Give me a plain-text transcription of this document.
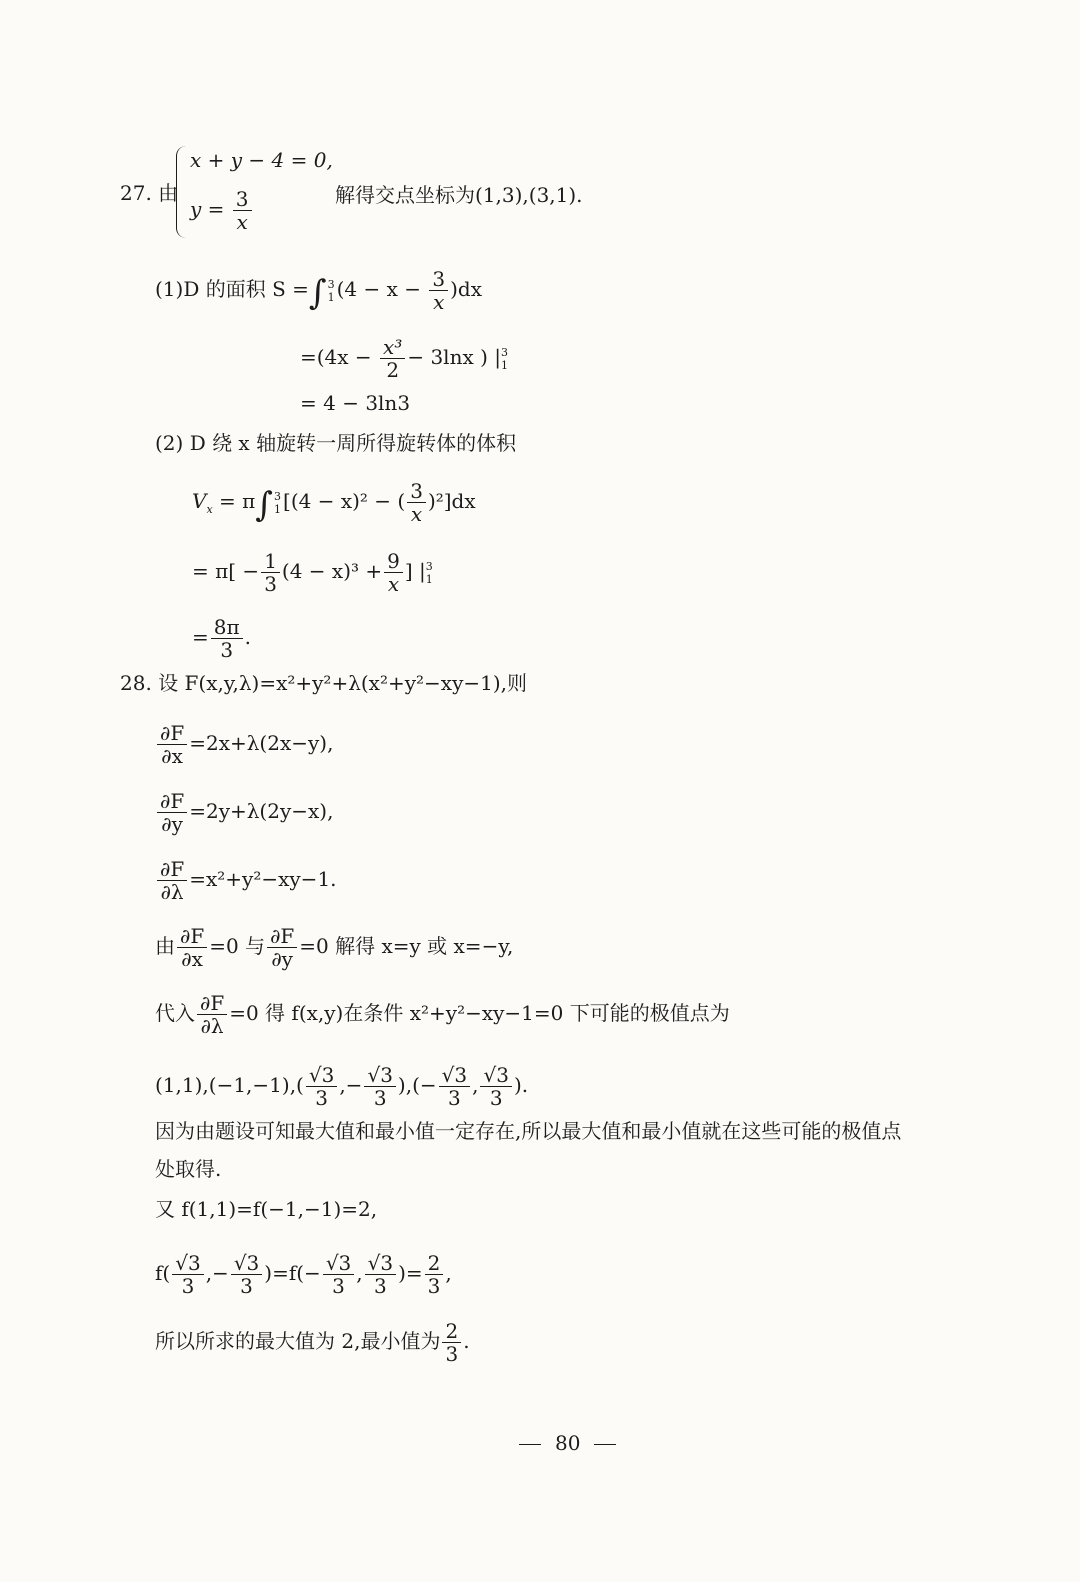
27. 由
x + y − 4 = 0,
$y = \frac{3}{x}$	解得交点坐标为(1,3),(3,1).
(1)D 的面积 S =∫ 3
1 $(4 - x - \frac{3}{x} )dx$
$=(4x - \frac{\text{x³}}{2} - 3\ln x$ ) | 3
1
= 4 − 3ln3
(2) D 绕 x 轴旋转一周所得旋转体的体积
$V_x = \pi\int$ 3
1 [(4 − x)² − ( $\frac{3}{x} )^2]dx$
= $\pi[ - \frac{1}{3} (4 - x)^3 + \frac{9}{x}$ ] | 3
1
= $\frac{8\pi}{3}$ .
28. 设 F(x,y,λ)=x²+y²+λ(x²+y²−xy−1),则
$\frac{\partial F}{\partial x} =2x+\lambda(2x-y)$,
$\frac{\partial F}{\partial y} =2y+\lambda(2y-x)$,
$\frac{\partial F}{\partial\lambda} =x^2+y^2-xy-1$.
由 $\frac{\partial F}{\partial x} =0$ 与 $\frac{\partial F}{\partial y} =0$ 解得 x=y 或 x=−y,
代入 $\frac{\partial F}{\partial\lambda} =0$ 得 f(x,y)在条件 x²+y²−xy−1=0 下可能的极值点为
$(1,1),(-1,-1),( \frac{√3}{3}$ ,− $\frac{√3}{3}$ ),(− $\frac{√3}{3}$ , $\frac{√3}{3}$ ).
因为由题设可知最大值和最小值一定存在,所以最大值和最小值就在这些可能的极值点
处取得.
又 f(1,1)=f(−1,−1)=2,
$f( \frac{√3}{3}$ ,− $\frac{√3}{3} )=f(- \frac{√3}{3}$ , $\frac{√3}{3}$ )= $\frac{2}{3}$ ,
所以所求的最大值为 2,最小值为 $\frac{2}{3}$ .
80
